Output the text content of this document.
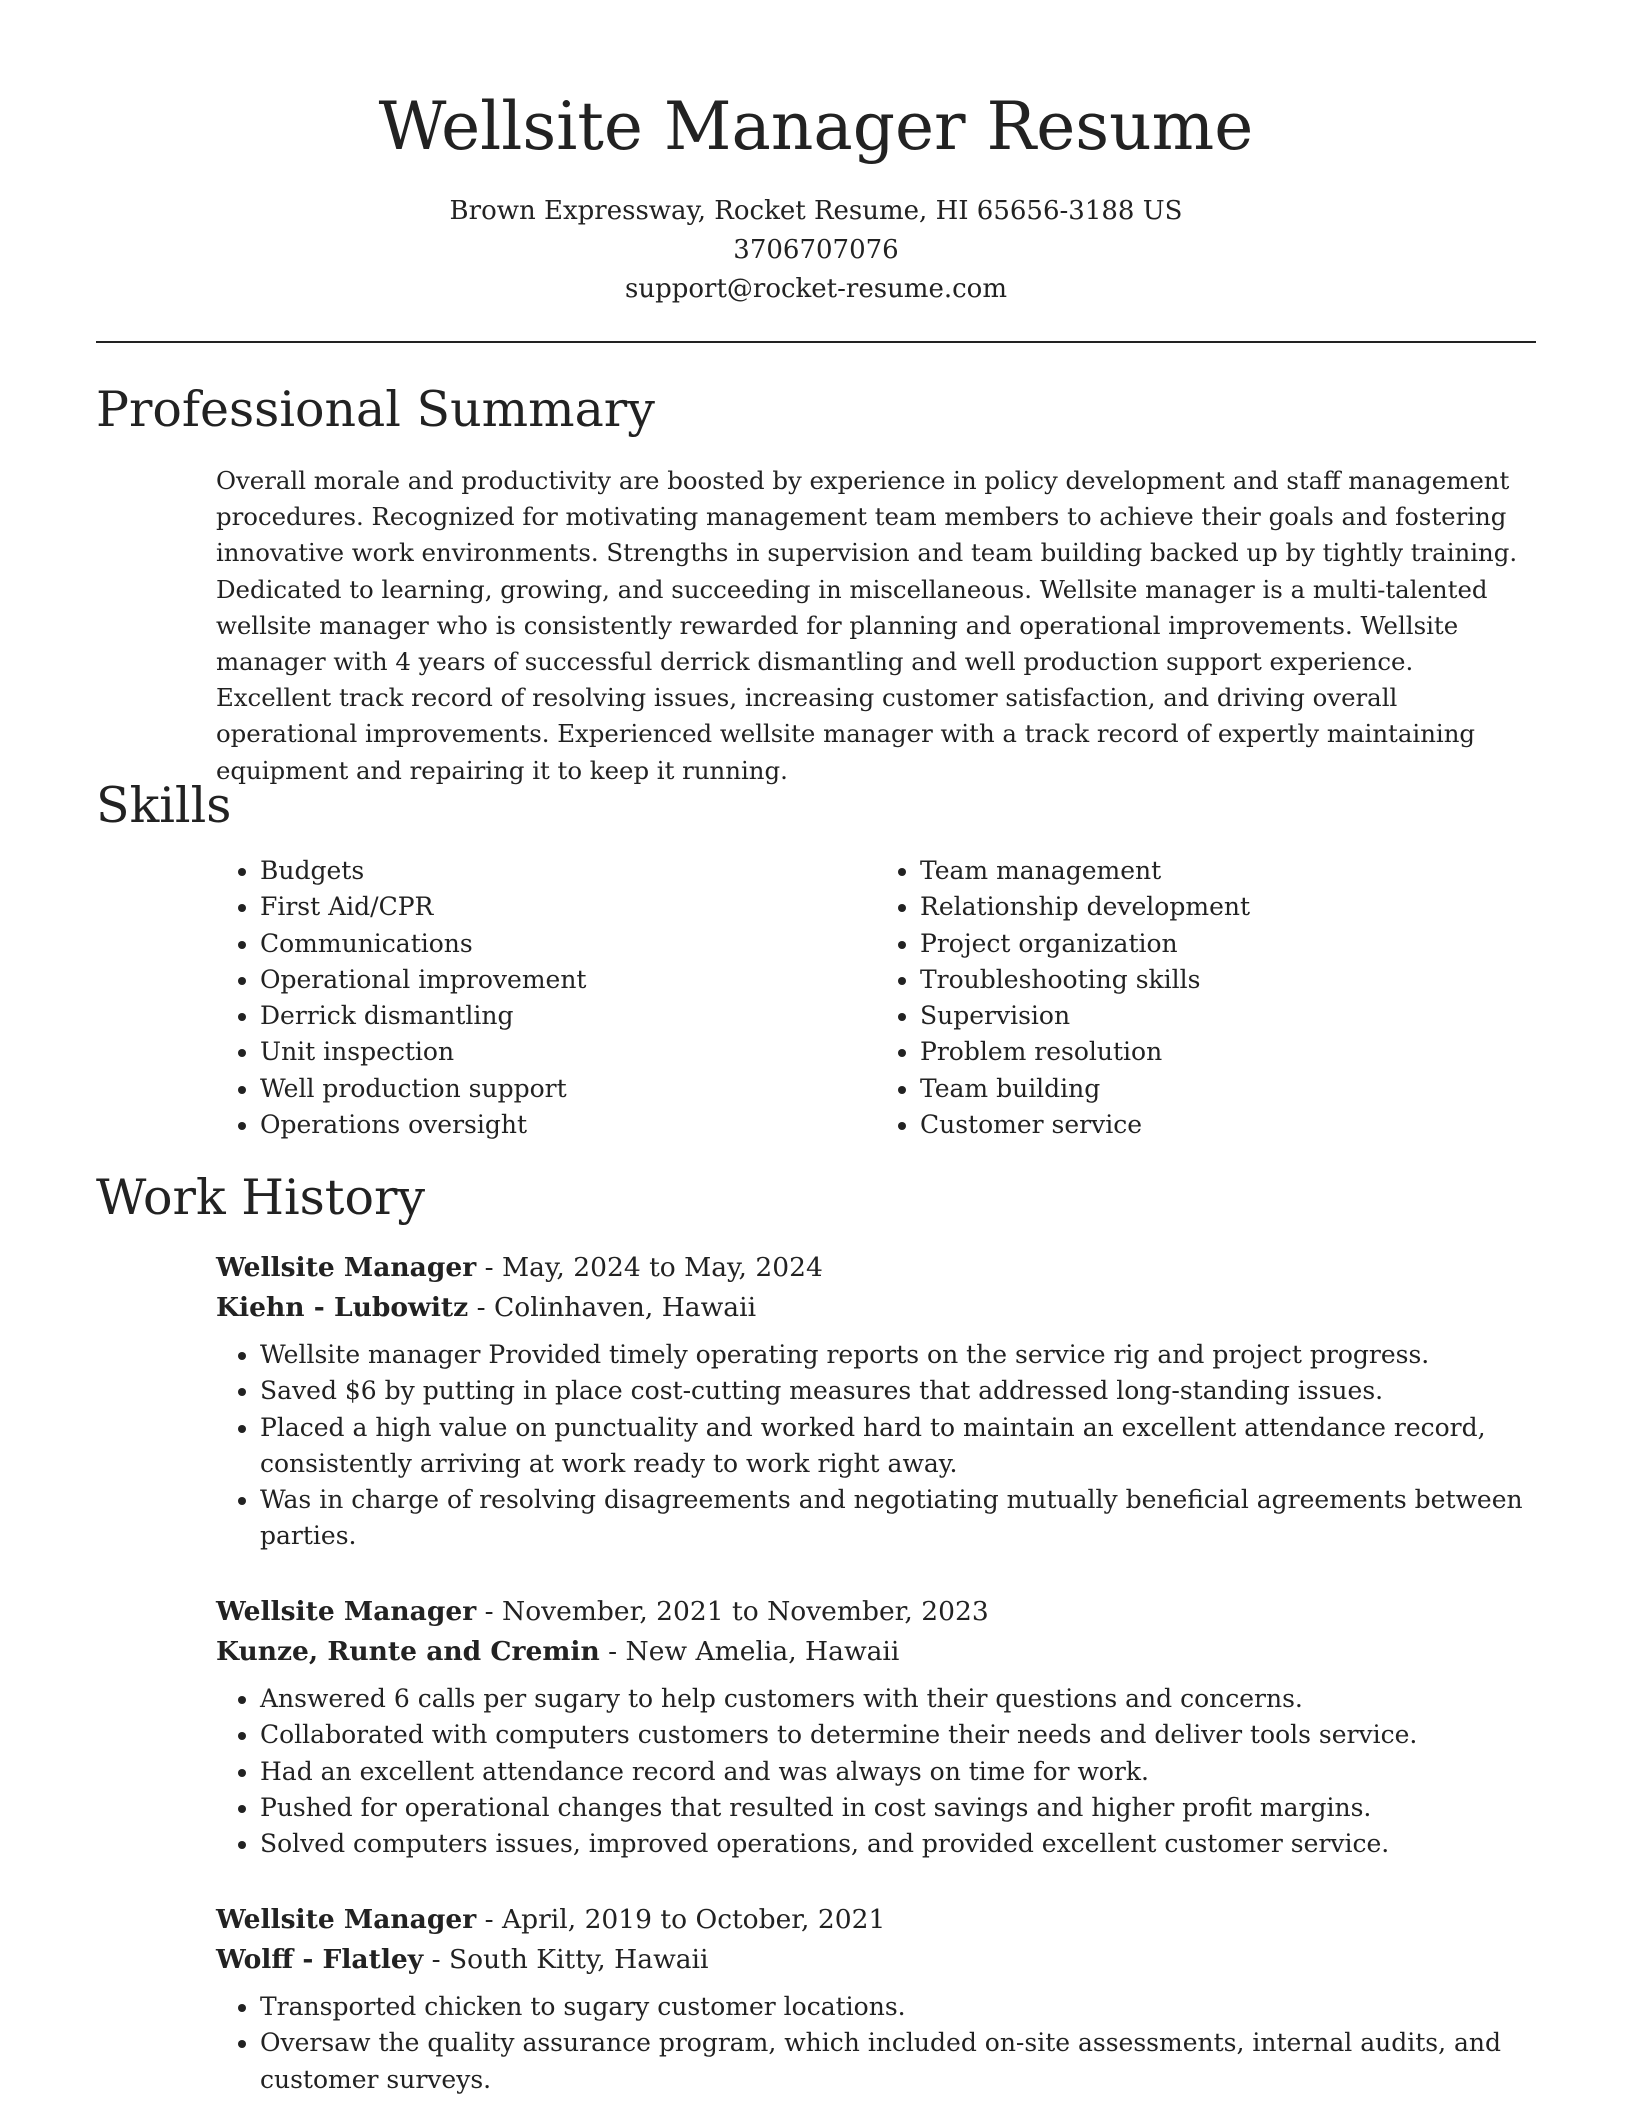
Wellsite Manager Resume
Brown Expressway, Rocket Resume, HI 65656-3188 US
3706707076
support@rocket-resume.com
Professional Summary

Overall morale and productivity are boosted by experience in policy development and staff management procedures. Recognized for motivating management team members to achieve their goals and fostering innovative work environments. Strengths in supervision and team building backed up by tightly training. Dedicated to learning, growing, and succeeding in miscellaneous. Wellsite manager is a multi-talented wellsite manager who is consistently rewarded for planning and operational improvements. Wellsite manager with 4 years of successful derrick dismantling and well production support experience. Excellent track record of resolving issues, increasing customer satisfaction, and driving overall operational improvements. Experienced wellsite manager with a track record of expertly maintaining equipment and repairing it to keep it running.

Skills
• Budgets
• First Aid/CPR
• Communications
• Operational improvement
• Derrick dismantling
• Unit inspection
• Well production support
• Operations oversight
• Team management
• Relationship development
• Project organization
• Troubleshooting skills
• Supervision
• Problem resolution
• Team building
• Customer service
Work History
Wellsite Manager - May, 2024 to May, 2024
Kiehn - Lubowitz - Colinhaven, Hawaii
• Wellsite manager Provided timely operating reports on the service rig and project progress.
• Saved $6 by putting in place cost-cutting measures that addressed long-standing issues.
• Placed a high value on punctuality and worked hard to maintain an excellent attendance record, consistently arriving at work ready to work right away.
• Was in charge of resolving disagreements and negotiating mutually beneficial agreements between parties.
Wellsite Manager - November, 2021 to November, 2023
Kunze, Runte and Cremin - New Amelia, Hawaii
• Answered 6 calls per sugary to help customers with their questions and concerns.
• Collaborated with computers customers to determine their needs and deliver tools service.
• Had an excellent attendance record and was always on time for work.
• Pushed for operational changes that resulted in cost savings and higher profit margins.
• Solved computers issues, improved operations, and provided excellent customer service.
Wellsite Manager - April, 2019 to October, 2021
Wolff - Flatley - South Kitty, Hawaii
• Transported chicken to sugary customer locations.
• Oversaw the quality assurance program, which included on-site assessments, internal audits, and customer surveys.
